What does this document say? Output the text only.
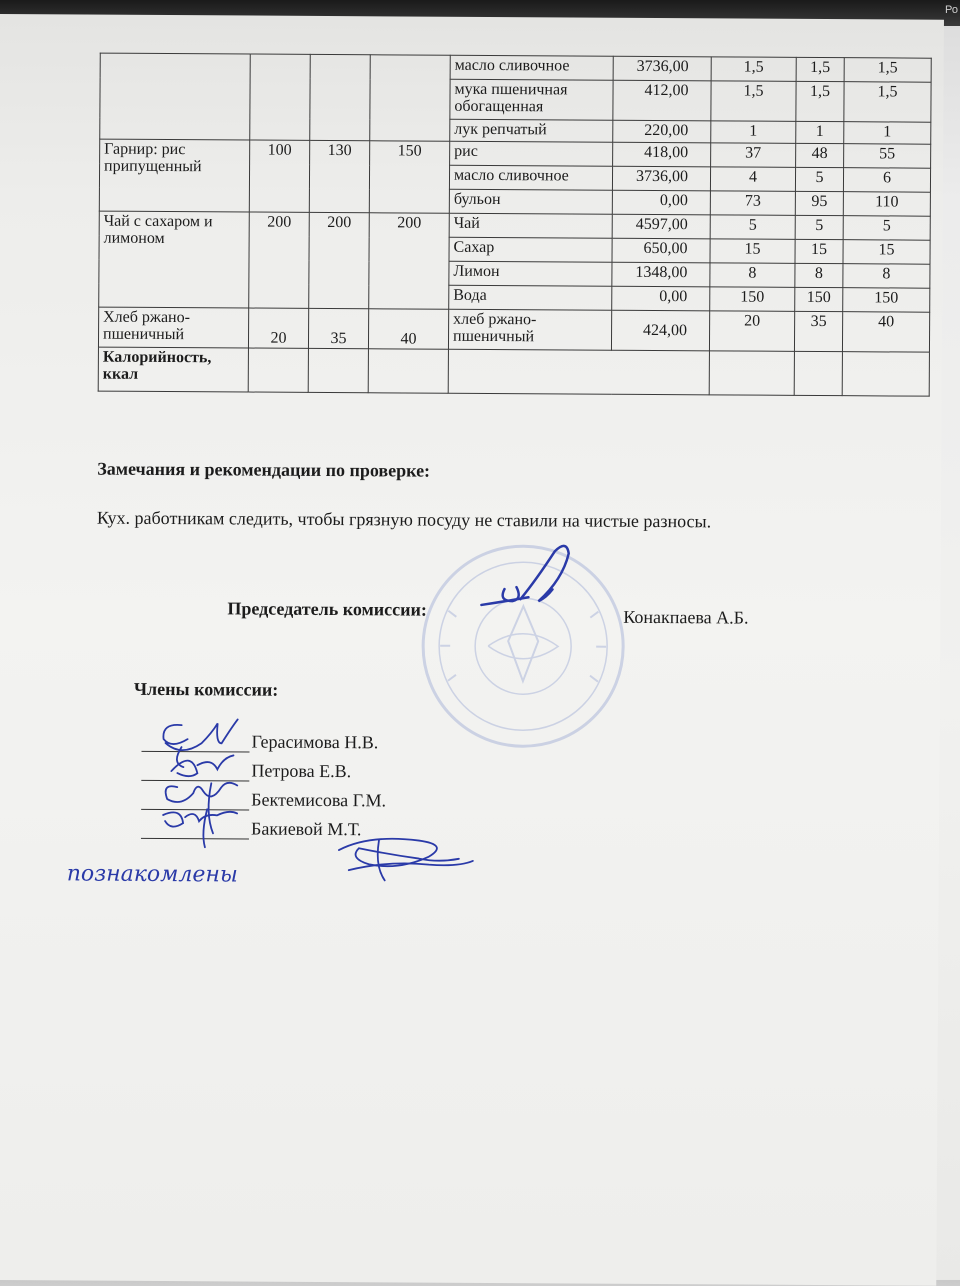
Ро
				масло сливочное	3736,00	1,5	1,5	1,5
				мука пшеничная обогащенная	412,00	1,5	1,5	1,5
				лук репчатый	220,00	1	1	1
Гарнир: рис припущенный	100	130	150	рис	418,00	37	48	55
				масло сливочное	3736,00	4	5	6
				бульон	0,00	73	95	110
Чай с сахаром и лимоном	200	200	200	Чай	4597,00	5	5	5
				Сахар	650,00	15	15	15
				Лимон	1348,00	8	8	8
				Вода	0,00	150	150	150
Хлеб ржано-пшеничный	20	35	40	хлеб ржано-пшеничный	424,00	20	35	40
Калорийность, ккал								
Замечания и рекомендации по проверке:
Кух. работникам следить, чтобы грязную посуду не ставили на чистые разносы.
Председатель комиссии:	Конакпаева А.Б.
Члены комиссии:
Герасимова Н.В.
Петрова Е.В.
Бектемисова Г.М.
Бакиевой М.Т.
познакомлены
